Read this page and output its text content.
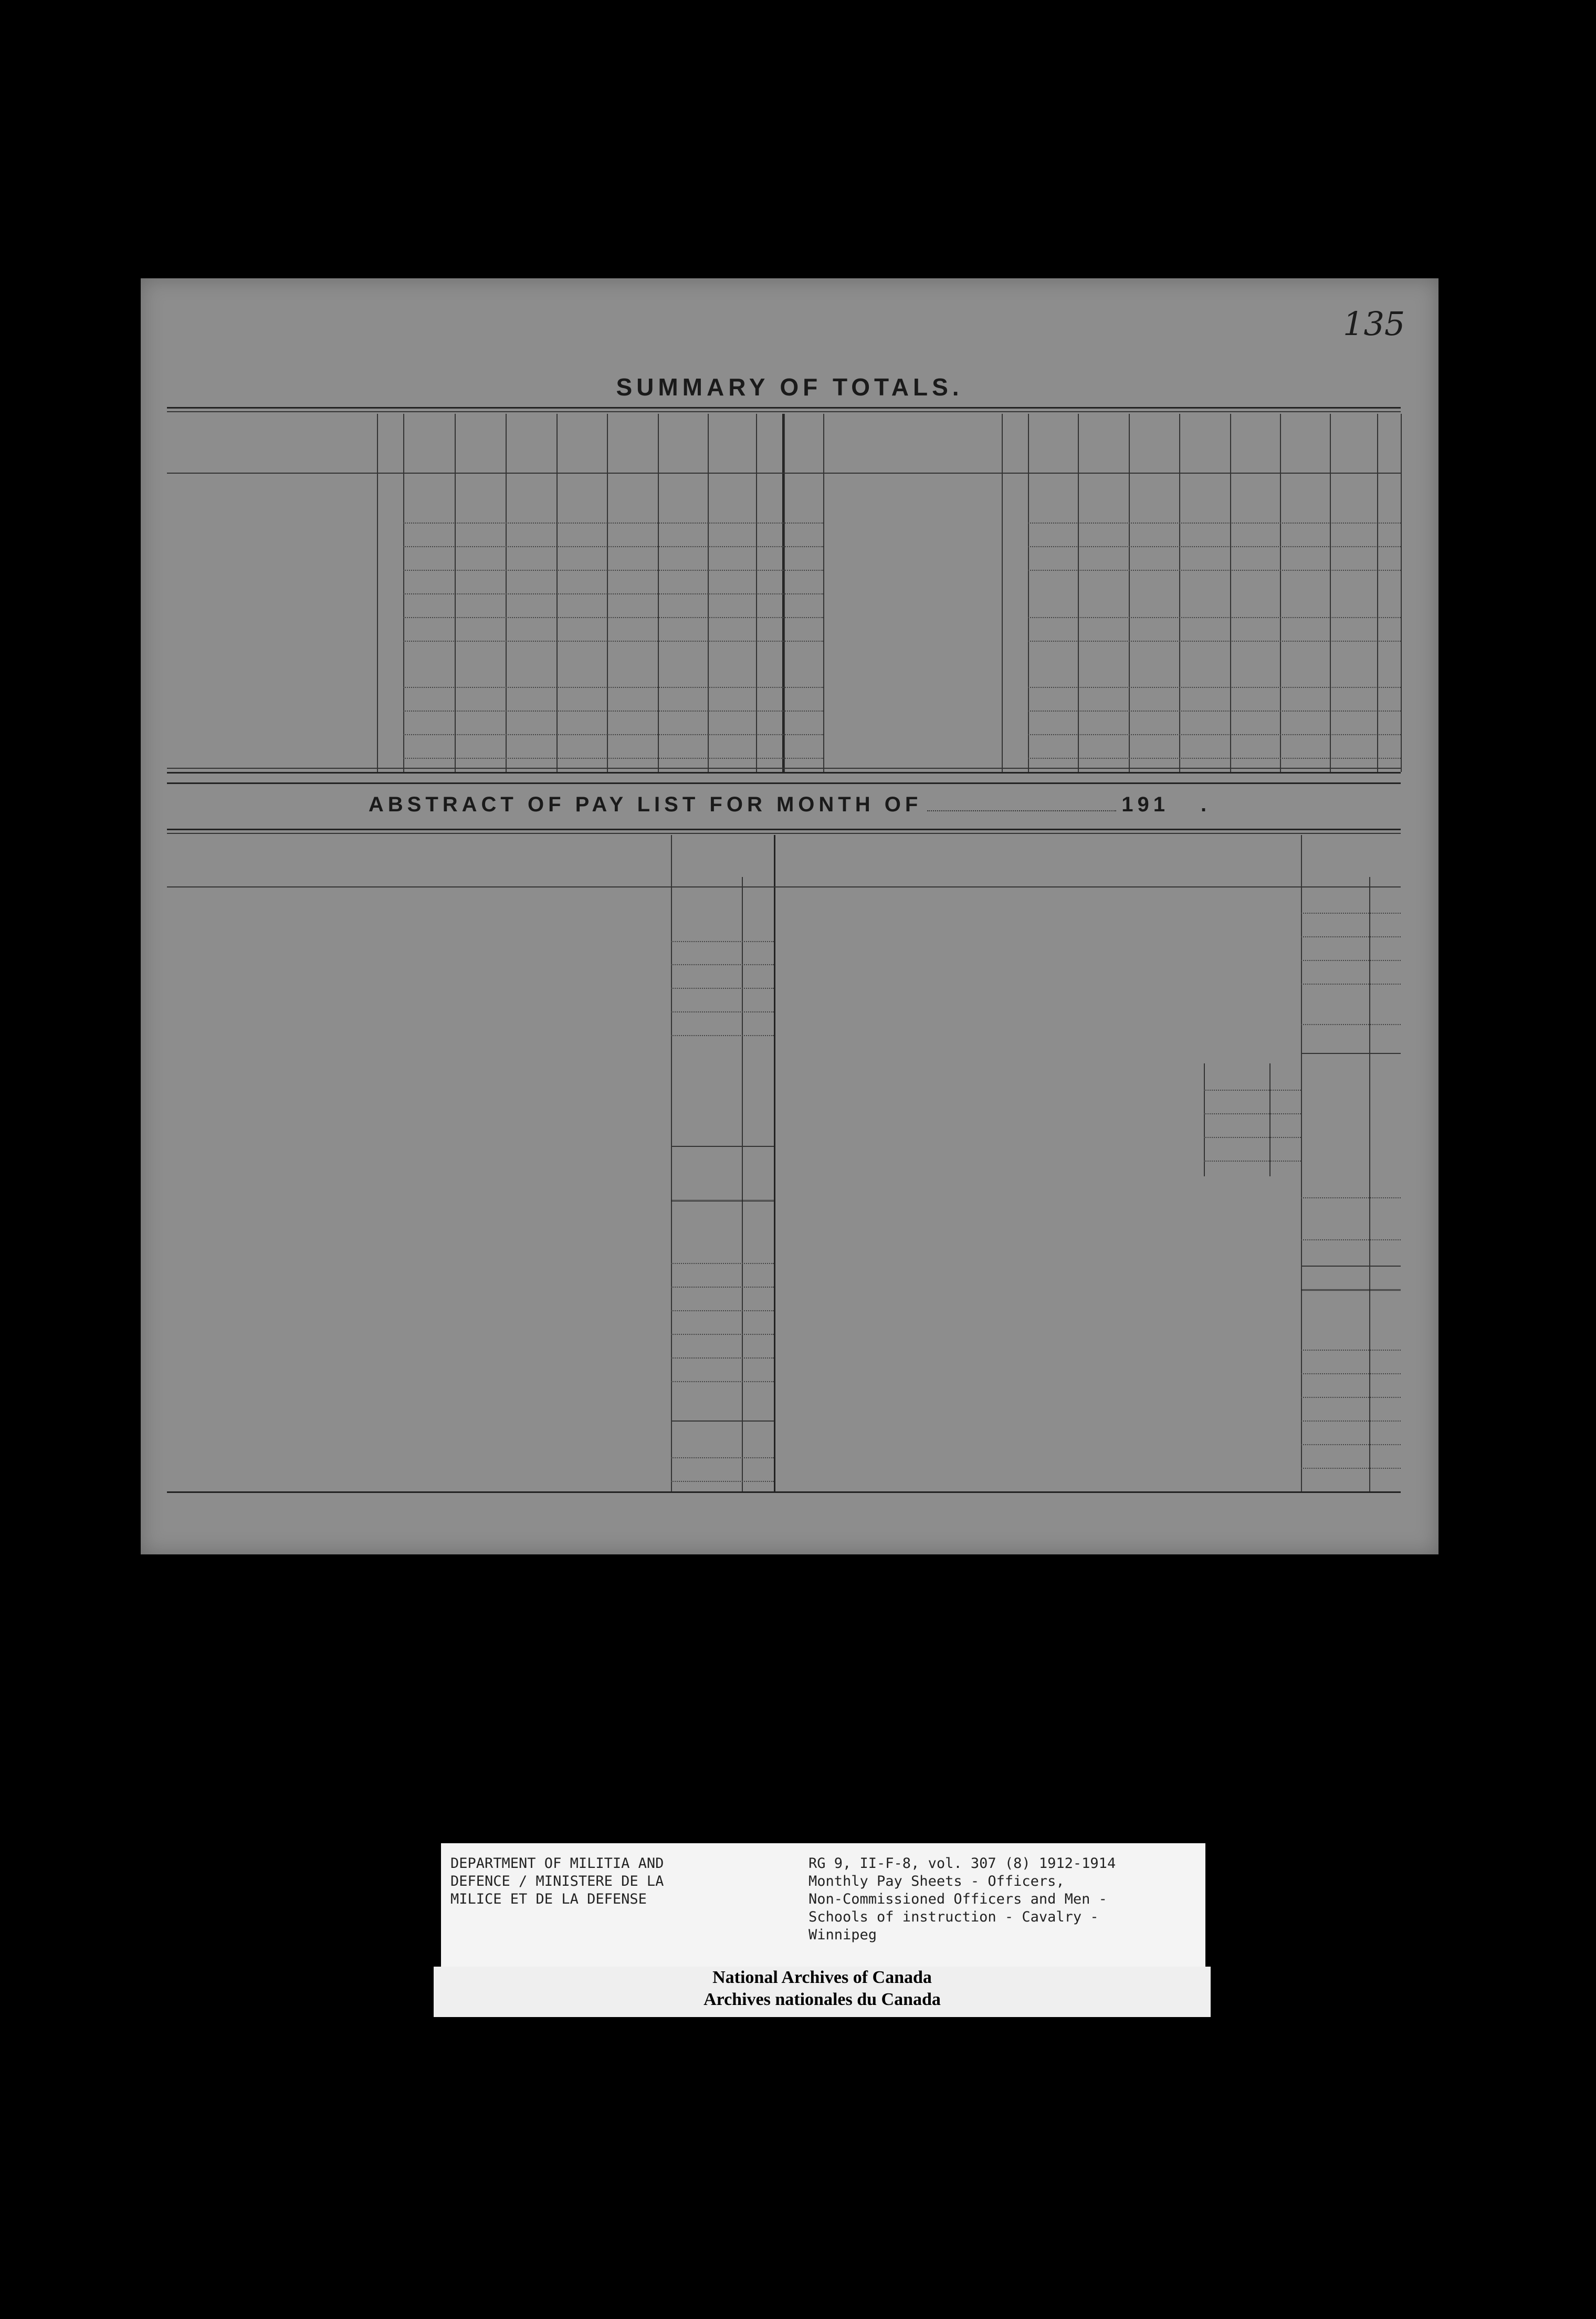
135
SUMMARY OF TOTALS.
ABSTRACT OF PAY LIST FOR MONTH OF	191 .
DEPARTMENT OF MILITIA AND
DEFENCE / MINISTERE DE LA
MILICE ET DE LA DEFENSE
RG 9, II-F-8, vol. 307 (8) 1912-1914
Monthly Pay Sheets - Officers,
Non-Commissioned Officers and Men -
Schools of instruction - Cavalry -
Winnipeg
National Archives of Canada
Archives nationales du Canada
